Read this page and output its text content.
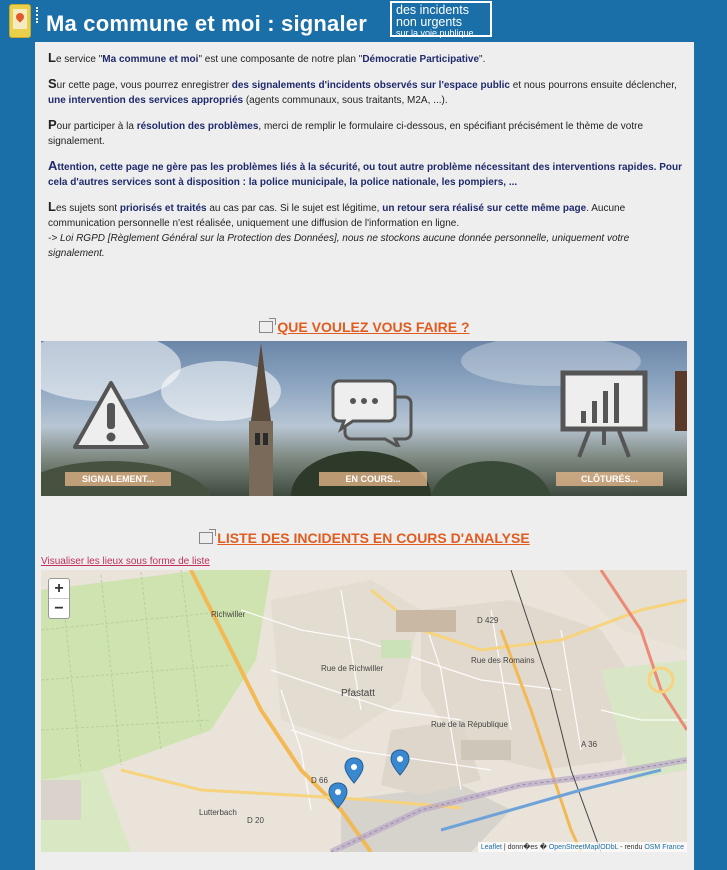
Ma commune et moi : signaler
des incidents
non urgents
sur la voie publique

Le service "Ma commune et moi" est une composante de notre plan "Démocratie Participative".

Sur cette page, vous pourrez enregistrer des signalements d'incidents observés sur l'espace public et nous pourrons ensuite déclencher, une intervention des services appropriés (agents communaux, sous traitants, M2A, ...).

Pour participer à la résolution des problèmes, merci de remplir le formulaire ci-dessous, en spécifiant précisément le thème de votre signalement.

Attention, cette page ne gère pas les problèmes liés à la sécurité, ou tout autre problème nécessitant des interventions rapides. Pour cela d'autres services sont à disposition : la police municipale, la police nationale, les pompiers, ...

Les sujets sont priorisés et traités au cas par cas. Si le sujet est légitime, un retour sera réalisé sur cette même page. Aucune communication personnelle n'est réalisée, uniquement une diffusion de l'information en ligne.
-> Loi RGPD [Règlement Général sur la Protection des Données], nous ne stockons aucune donnée personnelle, uniquement votre signalement.

QUE VOULEZ VOUS FAIRE ?
SIGNALEMENT...	EN COURS...	CLÔTURÉS...
LISTE DES INCIDENTS EN COURS D'ANALYSE
Visualiser les lieux sous forme de liste
Pfastatt
Lutterbach
Richwiller
Rue de Richwiller
Rue de la République
Rue des Romains
D 429
D 66
D 20
A 36
+
−
Leaflet | donn�es � OpenStreetMap/ODbL - rendu OSM France
